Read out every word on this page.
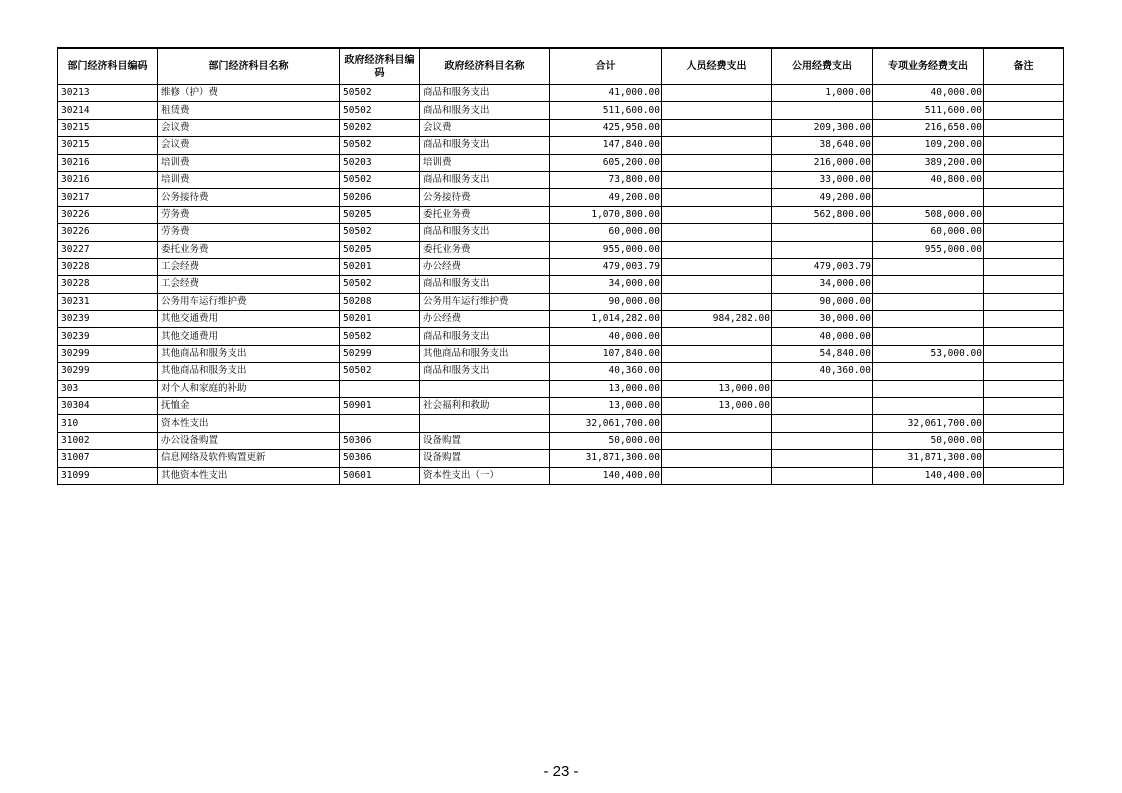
部门经济科目编码	部门经济科目名称	政府经济科目编码	政府经济科目名称	合计	人员经费支出	公用经费支出	专项业务经费支出	备注
30213	维修（护）费	50502	商品和服务支出	41,000.00		1,000.00	40,000.00	
30214	租赁费	50502	商品和服务支出	511,600.00			511,600.00	
30215	会议费	50202	会议费	425,950.00		209,300.00	216,650.00	
30215	会议费	50502	商品和服务支出	147,840.00		38,640.00	109,200.00	
30216	培训费	50203	培训费	605,200.00		216,000.00	389,200.00	
30216	培训费	50502	商品和服务支出	73,800.00		33,000.00	40,800.00	
30217	公务接待费	50206	公务接待费	49,200.00		49,200.00		
30226	劳务费	50205	委托业务费	1,070,800.00		562,800.00	508,000.00	
30226	劳务费	50502	商品和服务支出	60,000.00			60,000.00	
30227	委托业务费	50205	委托业务费	955,000.00			955,000.00	
30228	工会经费	50201	办公经费	479,003.79		479,003.79		
30228	工会经费	50502	商品和服务支出	34,000.00		34,000.00		
30231	公务用车运行维护费	50208	公务用车运行维护费	90,000.00		90,000.00		
30239	其他交通费用	50201	办公经费	1,014,282.00	984,282.00	30,000.00		
30239	其他交通费用	50502	商品和服务支出	40,000.00		40,000.00		
30299	其他商品和服务支出	50299	其他商品和服务支出	107,840.00		54,840.00	53,000.00	
30299	其他商品和服务支出	50502	商品和服务支出	40,360.00		40,360.00		
303	对个人和家庭的补助			13,000.00	13,000.00			
30304	抚恤金	50901	社会福利和救助	13,000.00	13,000.00			
310	资本性支出			32,061,700.00			32,061,700.00	
31002	办公设备购置	50306	设备购置	50,000.00			50,000.00	
31007	信息网络及软件购置更新	50306	设备购置	31,871,300.00			31,871,300.00	
31099	其他资本性支出	50601	资本性支出（一）	140,400.00			140,400.00	
- 23 -
